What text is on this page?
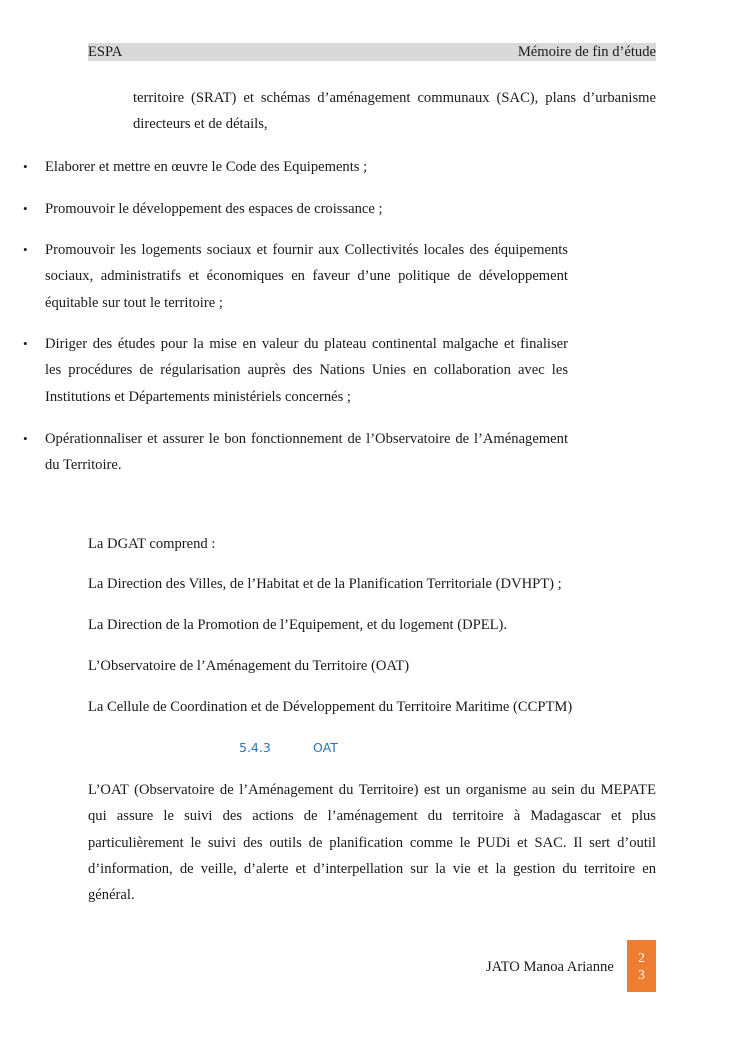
ESPA	Mémoire de fin d’étude
territoire (SRAT) et schémas d’aménagement communaux (SAC), plans d’urbanisme
directeurs et de détails,
• Elaborer et mettre en œuvre le Code des Equipements ;
• Promouvoir le développement des espaces de croissance ;
• Promouvoir les logements sociaux et fournir aux Collectivités locales des équipements
sociaux, administratifs et économiques en faveur d’une politique de développement
équitable sur tout le territoire ;
• Diriger des études pour la mise en valeur du plateau continental malgache et finaliser
les procédures de régularisation auprès des Nations Unies en collaboration avec les
Institutions et Départements ministériels concernés ;
• Opérationnaliser et assurer le bon fonctionnement de l’Observatoire de l’Aménagement
du Territoire.
La DGAT comprend :
La Direction des Villes, de l’Habitat et de la Planification Territoriale (DVHPT) ;
La Direction de la Promotion de l’Equipement, et du logement (DPEL).
L’Observatoire de l’Aménagement du Territoire (OAT)
La Cellule de Coordination et de Développement du Territoire Maritime (CCPTM)
5.4.3	OAT
L’OAT (Observatoire de l’Aménagement du Territoire) est un organisme au sein du MEPATE
qui assure le suivi des actions de l’aménagement du territoire à Madagascar et plus
particulièrement le suivi des outils de planification comme le PUDi et SAC. Il sert d’outil
d’information, de veille, d’alerte et d’interpellation sur la vie et la gestion du territoire en
général.
JATO Manoa Arianne
2
3
